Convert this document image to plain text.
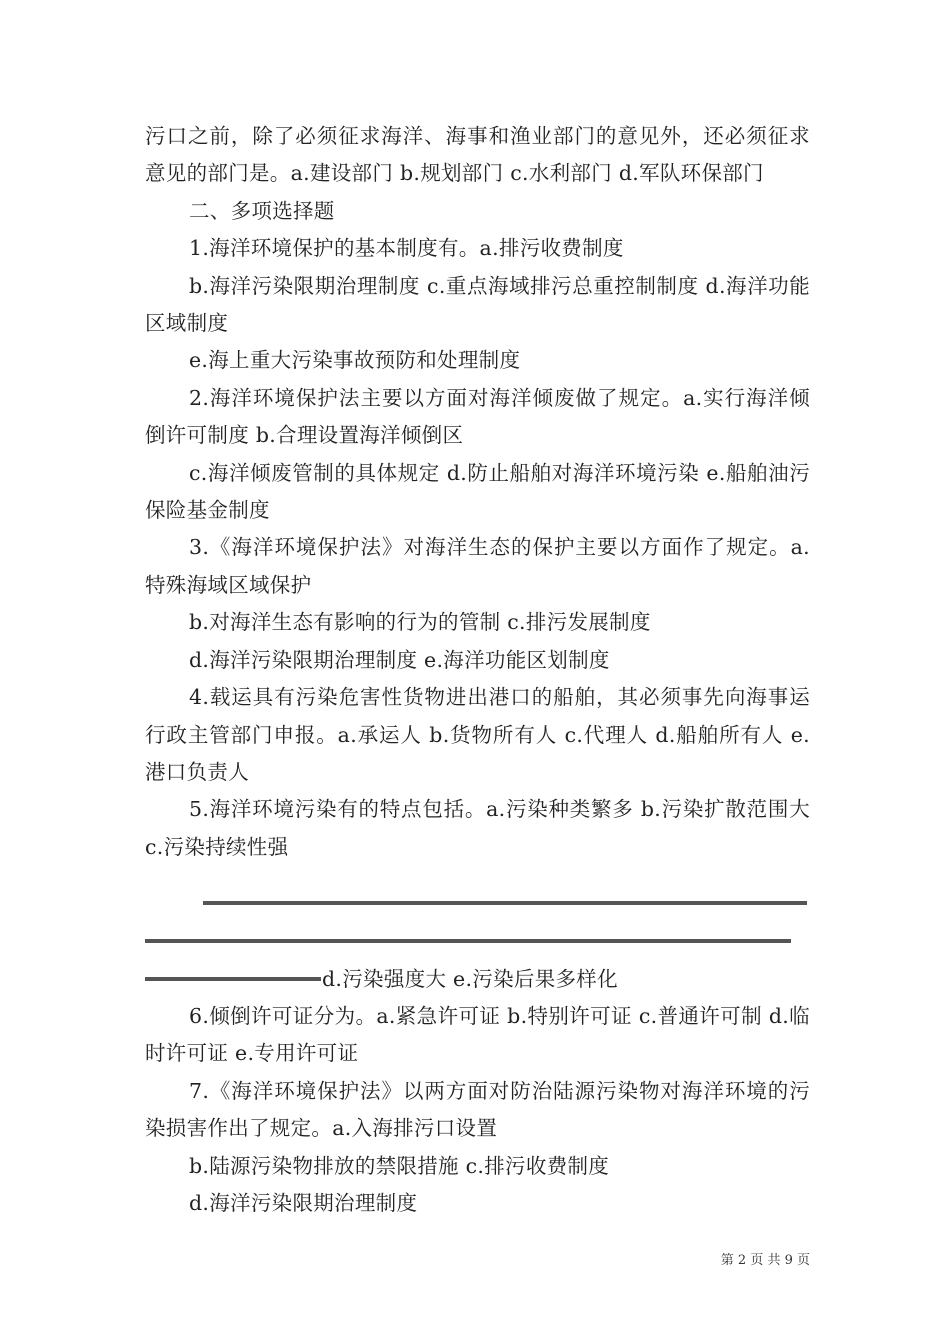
污口之前，除了必须征求海洋、海事和渔业部门的意见外，还必须征求意见的部门是。a.建设部门 b.规划部门 c.水利部门 d.军队环保部门

二、多项选择题

1.海洋环境保护的基本制度有。a.排污收费制度

b.海洋污染限期治理制度 c.重点海域排污总重控制制度 d.海洋功能区域制度

e.海上重大污染事故预防和处理制度

2.海洋环境保护法主要以方面对海洋倾废做了规定。a.实行海洋倾倒许可制度 b.合理设置海洋倾倒区

c.海洋倾废管制的具体规定 d.防止船舶对海洋环境污染 e.船舶油污保险基金制度

3.《海洋环境保护法》对海洋生态的保护主要以方面作了规定。a.特殊海域区域保护

b.对海洋生态有影响的行为的管制 c.排污发展制度

d.海洋污染限期治理制度 e.海洋功能区划制度

4.载运具有污染危害性货物进出港口的船舶，其必须事先向海事运行政主管部门申报。a.承运人 b.货物所有人 c.代理人 d.船舶所有人 e.港口负责人

5.海洋环境污染有的特点包括。a.污染种类繁多 b.污染扩散范围大 c.污染持续性强

d.污染强度大 e.污染后果多样化

6.倾倒许可证分为。a.紧急许可证 b.特别许可证 c.普通许可制 d.临时许可证 e.专用许可证

7.《海洋环境保护法》以两方面对防治陆源污染物对海洋环境的污染损害作出了规定。a.入海排污口设置

b.陆源污染物排放的禁限措施 c.排污收费制度

d.海洋污染限期治理制度

第 2 页 共 9 页
